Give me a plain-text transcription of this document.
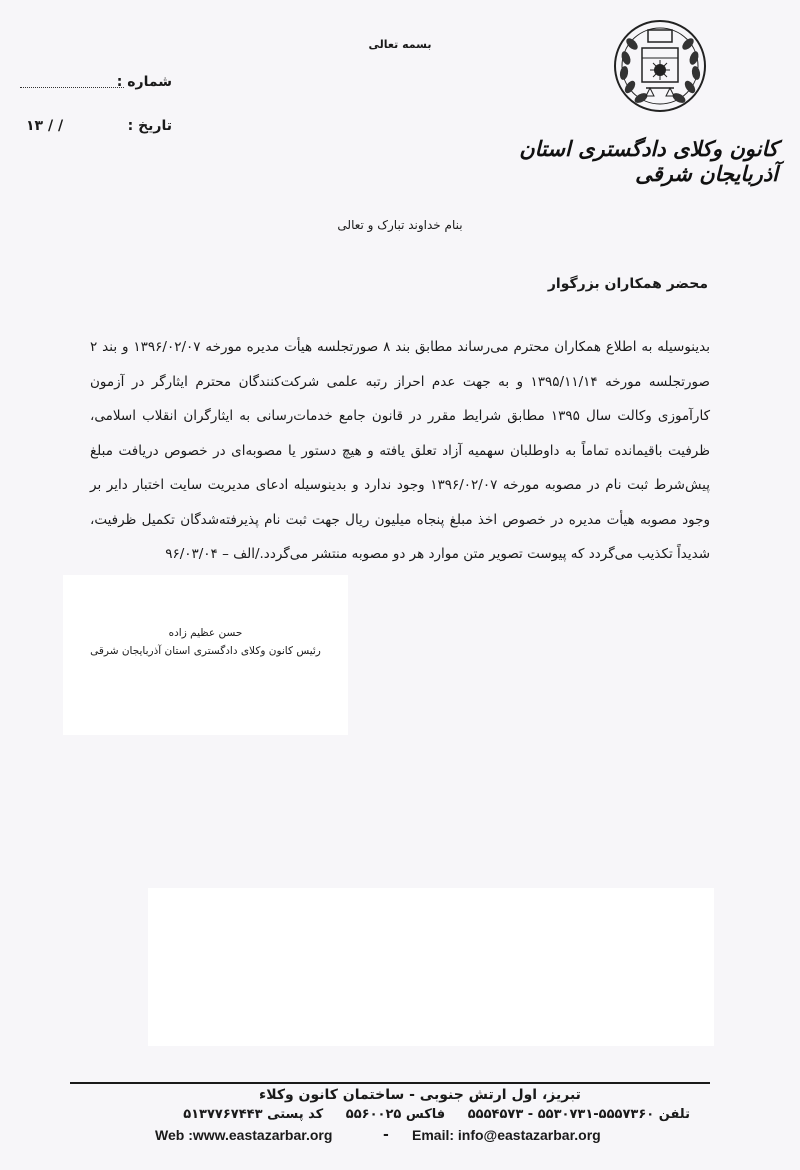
بسمه تعالی
کانون وکلای دادگستری استان آذربایجان شرقی
شماره :
تاریخ :
۱۳ / /
بنام خداوند تبارک و تعالی
محضر همکاران بزرگوار
بدینوسیله به اطلاع همکاران محترم می‌رساند مطابق بند ۸ صورتجلسه هیأت مدیره مورخه ۱۳۹۶/۰۲/۰۷ و بند ۲ صورتجلسه مورخه ۱۳۹۵/۱۱/۱۴ و به جهت عدم احراز رتبه علمی شرکت‌کنندگان محترم ایثارگر در آزمون کارآموزی وکالت سال ۱۳۹۵ مطابق شرایط مقرر در قانون جامع خدمات‌رسانی به ایثارگران انقلاب اسلامی، ظرفیت باقیمانده تماماً به داوطلبان سهمیه آزاد تعلق یافته و هیچ دستور یا مصوبه‌ای در خصوص دریافت مبلغ پیش‌شرط ثبت نام در مصوبه مورخه ۱۳۹۶/۰۲/۰۷ وجود ندارد و بدینوسیله ادعای مدیریت سایت اختبار دایر بر وجود مصوبه هیأت مدیره در خصوص اخذ مبلغ پنجاه میلیون ریال جهت ثبت نام پذیرفته‌شدگان تکمیل ظرفیت، شدیداً تکذیب می‌گردد که پیوست تصویر متن موارد هر دو مصوبه منتشر می‌گردد./الف – ۹۶/۰۳/۰۴
حسن عظیم زاده
رئیس کانون وکلای دادگستری استان آذربایجان شرقی
تبریز، اول ارتش جنوبی - ساختمان کانون وکلاء
تلفن ۵۵۵۷۳۶۰-۵۵۳۰۷۳۱ - ۵۵۵۴۵۷۳ فاکس ۵۵۶۰۰۲۵ کد پستی ۵۱۳۷۷۶۷۴۴۳
Web :www.eastazarbar.org	- Email: info@eastazarbar.org
